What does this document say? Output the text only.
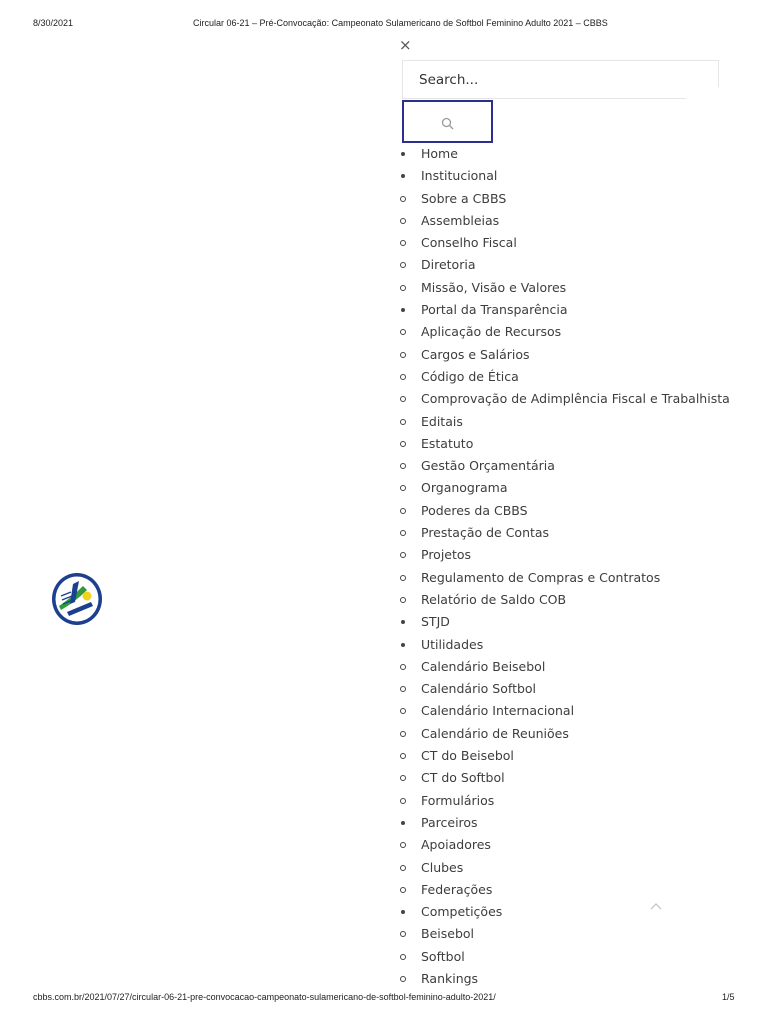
8/30/2021	Circular 06-21 – Pré-Convocação: Campeonato Sulamericano de Softbol Feminino Adulto 2021 – CBBS
×
Search...
Home
Institucional
Sobre a CBBS
Assembleias
Conselho Fiscal
Diretoria
Missão, Visão e Valores
Portal da Transparência
Aplicação de Recursos
Cargos e Salários
Código de Ética
Comprovação de Adimplência Fiscal e Trabalhista
Editais
Estatuto
Gestão Orçamentária
Organograma
Poderes da CBBS
Prestação de Contas
Projetos
Regulamento de Compras e Contratos
Relatório de Saldo COB
STJD
Utilidades
Calendário Beisebol
Calendário Softbol
Calendário Internacional
Calendário de Reuniões
CT do Beisebol
CT do Softbol
Formulários
Parceiros
Apoiadores
Clubes
Federações
Competições
Beisebol
Softbol
Rankings
cbbs.com.br/2021/07/27/circular-06-21-pre-convocacao-campeonato-sulamericano-de-softbol-feminino-adulto-2021/	1/5
